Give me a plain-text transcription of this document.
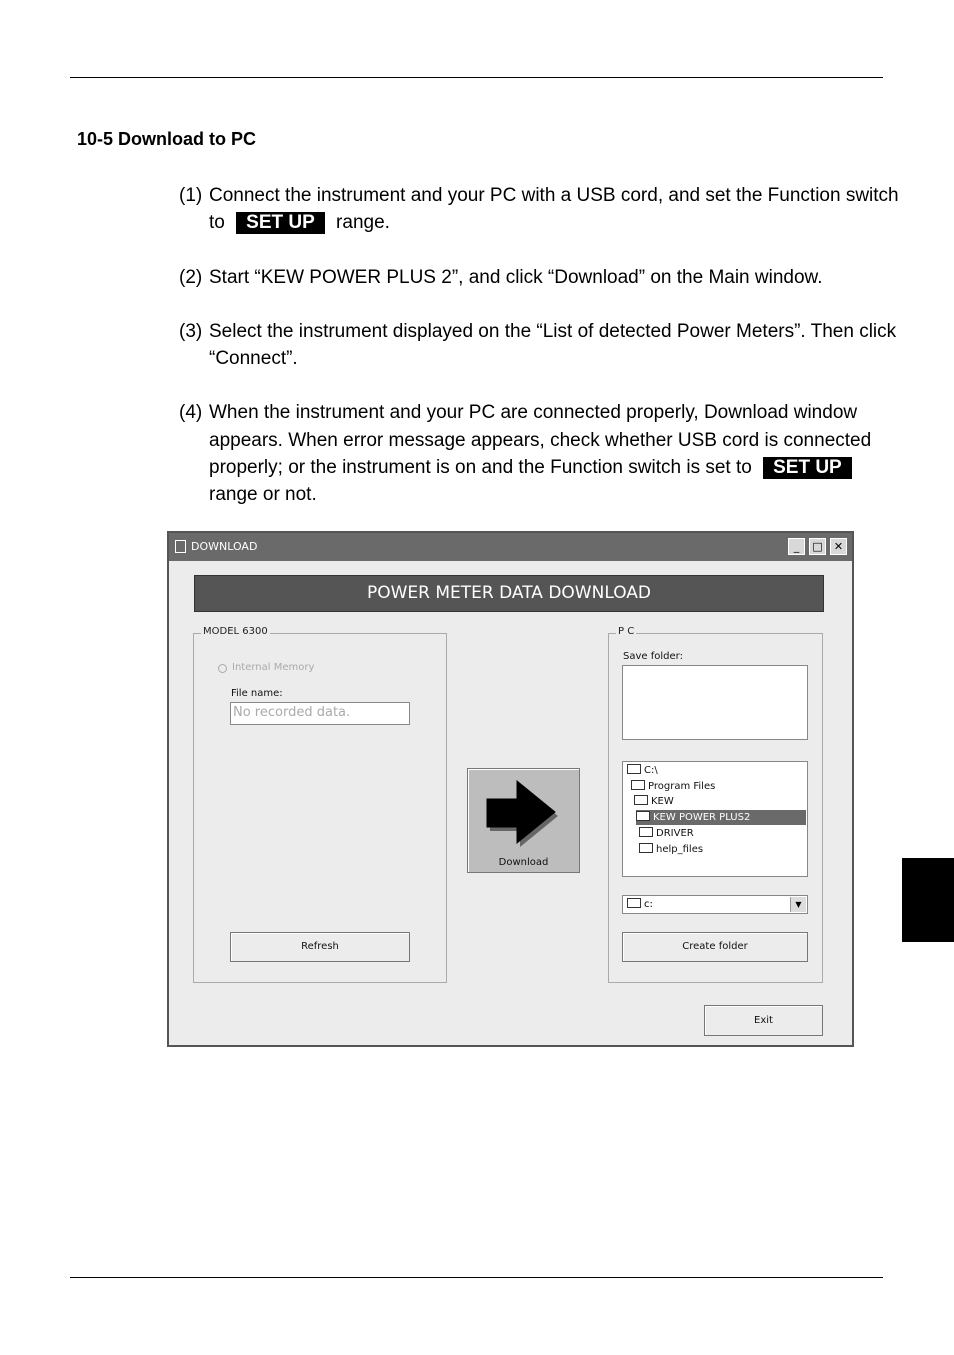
10-5 Download to PC
(1) Connect the instrument and your PC with a USB cord, and set the Function switch to SET UP range.
(2) Start “KEW POWER PLUS 2”, and click “Download” on the Main window.
(3) Select the instrument displayed on the “List of detected Power Meters”. Then click “Connect”.
(4) When the instrument and your PC are connected properly, Download window appears. When error message appears, check whether USB cord is connected properly; or the instrument is on and the Function switch is set to SET UP range or not.
DOWNLOAD	_	□	✕
POWER METER DATA DOWNLOAD
MODEL 6300
Internal Memory
File name:
No recorded data.
Refresh
Download
P C
Save folder:
C:\
Program Files
KEW
KEW POWER PLUS2
DRIVER
help_files
c:	▼
Create folder
Exit
